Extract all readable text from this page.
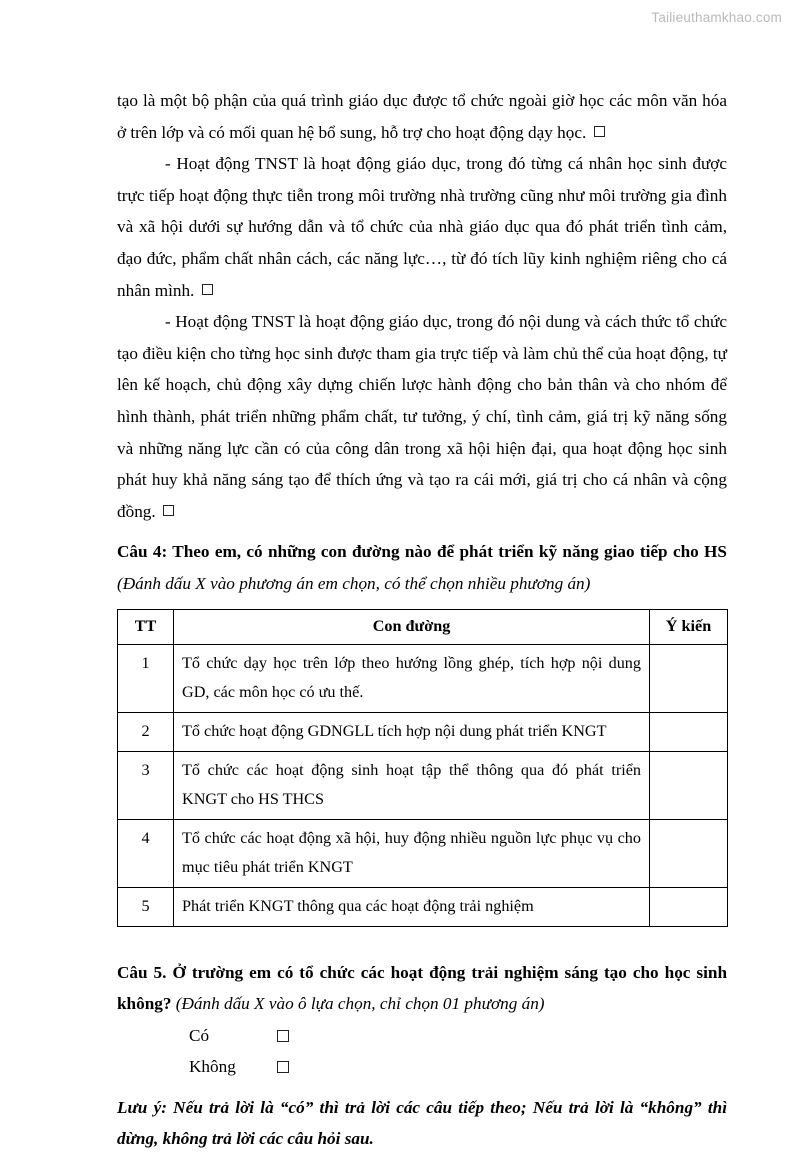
Tailieuthamkhao.com

tạo là một bộ phận của quá trình giáo dục được tổ chức ngoài giờ học các môn văn hóa ở trên lớp và có mối quan hệ bổ sung, hỗ trợ cho hoạt động dạy học.

- Hoạt động TNST là hoạt động giáo dục, trong đó từng cá nhân học sinh được trực tiếp hoạt động thực tiễn trong môi trường nhà trường cũng như môi trường gia đình và xã hội dưới sự hướng dẫn và tổ chức của nhà giáo dục qua đó phát triển tình cảm, đạo đức, phẩm chất nhân cách, các năng lực…, từ đó tích lũy kinh nghiệm riêng cho cá nhân mình.

- Hoạt động TNST là hoạt động giáo dục, trong đó nội dung và cách thức tổ chức tạo điều kiện cho từng học sinh được tham gia trực tiếp và làm chủ thể của hoạt động, tự lên kế hoạch, chủ động xây dựng chiến lược hành động cho bản thân và cho nhóm để hình thành, phát triển những phẩm chất, tư tưởng, ý chí, tình cảm, giá trị kỹ năng sống và những năng lực cần có của công dân trong xã hội hiện đại, qua hoạt động học sinh phát huy khả năng sáng tạo để thích ứng và tạo ra cái mới, giá trị cho cá nhân và cộng đồng.

Câu 4: Theo em, có những con đường nào để phát triển kỹ năng giao tiếp cho HS (Đánh dấu X vào phương án em chọn, có thể chọn nhiều phương án)

TT	Con đường	Ý kiến
1	Tổ chức dạy học trên lớp theo hướng lồng ghép, tích hợp nội dung GD, các môn học có ưu thế.	
2	Tổ chức hoạt động GDNGLL tích hợp nội dung phát triển KNGT	
3	Tổ chức các hoạt động sinh hoạt tập thể thông qua đó phát triển KNGT cho HS THCS	
4	Tổ chức các hoạt động xã hội, huy động nhiều nguồn lực phục vụ cho mục tiêu phát triển KNGT	
5	Phát triển KNGT thông qua các hoạt động trải nghiệm	

Câu 5. Ở trường em có tổ chức các hoạt động trải nghiệm sáng tạo cho học sinh không? (Đánh dấu X vào ô lựa chọn, chỉ chọn 01 phương án)

Có
Không

Lưu ý: Nếu trả lời là “có” thì trả lời các câu tiếp theo; Nếu trả lời là “không” thì dừng, không trả lời các câu hỏi sau.
